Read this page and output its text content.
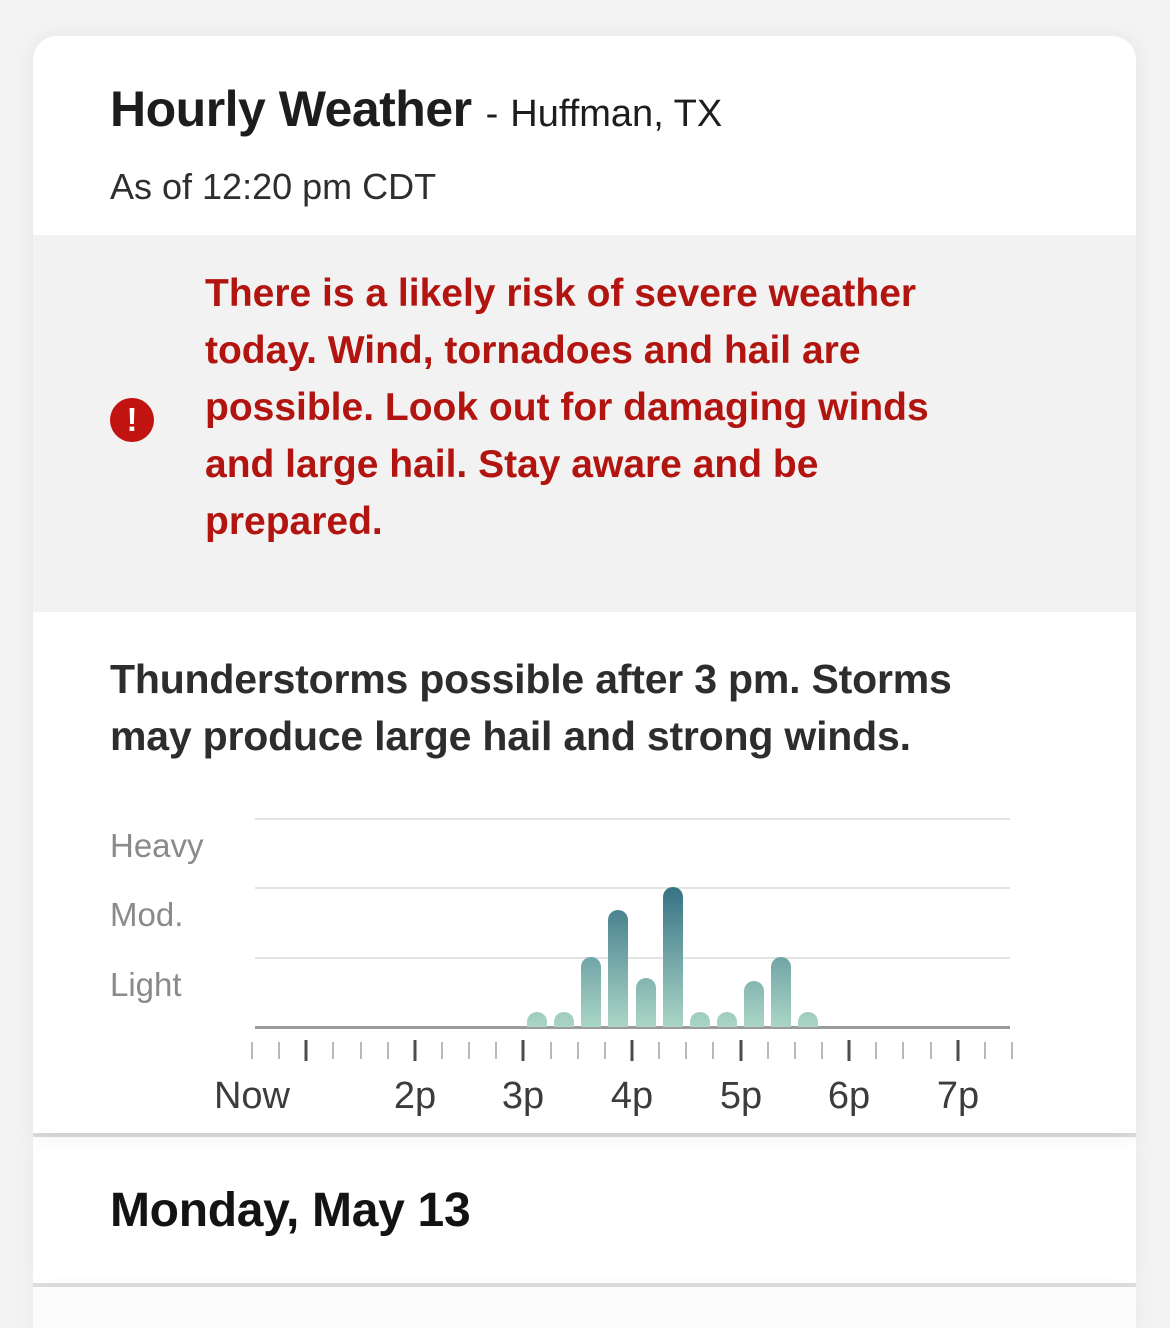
Hourly Weather - Huffman, TX
As of 12:20 pm CDT
!
There is a likely risk of severe weather today. Wind, tornadoes and hail are possible. Look out for damaging winds and large hail. Stay aware and be prepared.
Thunderstorms possible after 3 pm. Storms may produce large hail and strong winds.
Heavy
Mod.
Light
Now	2p 3p 4p 5p 6p 7p
Monday, May 13
